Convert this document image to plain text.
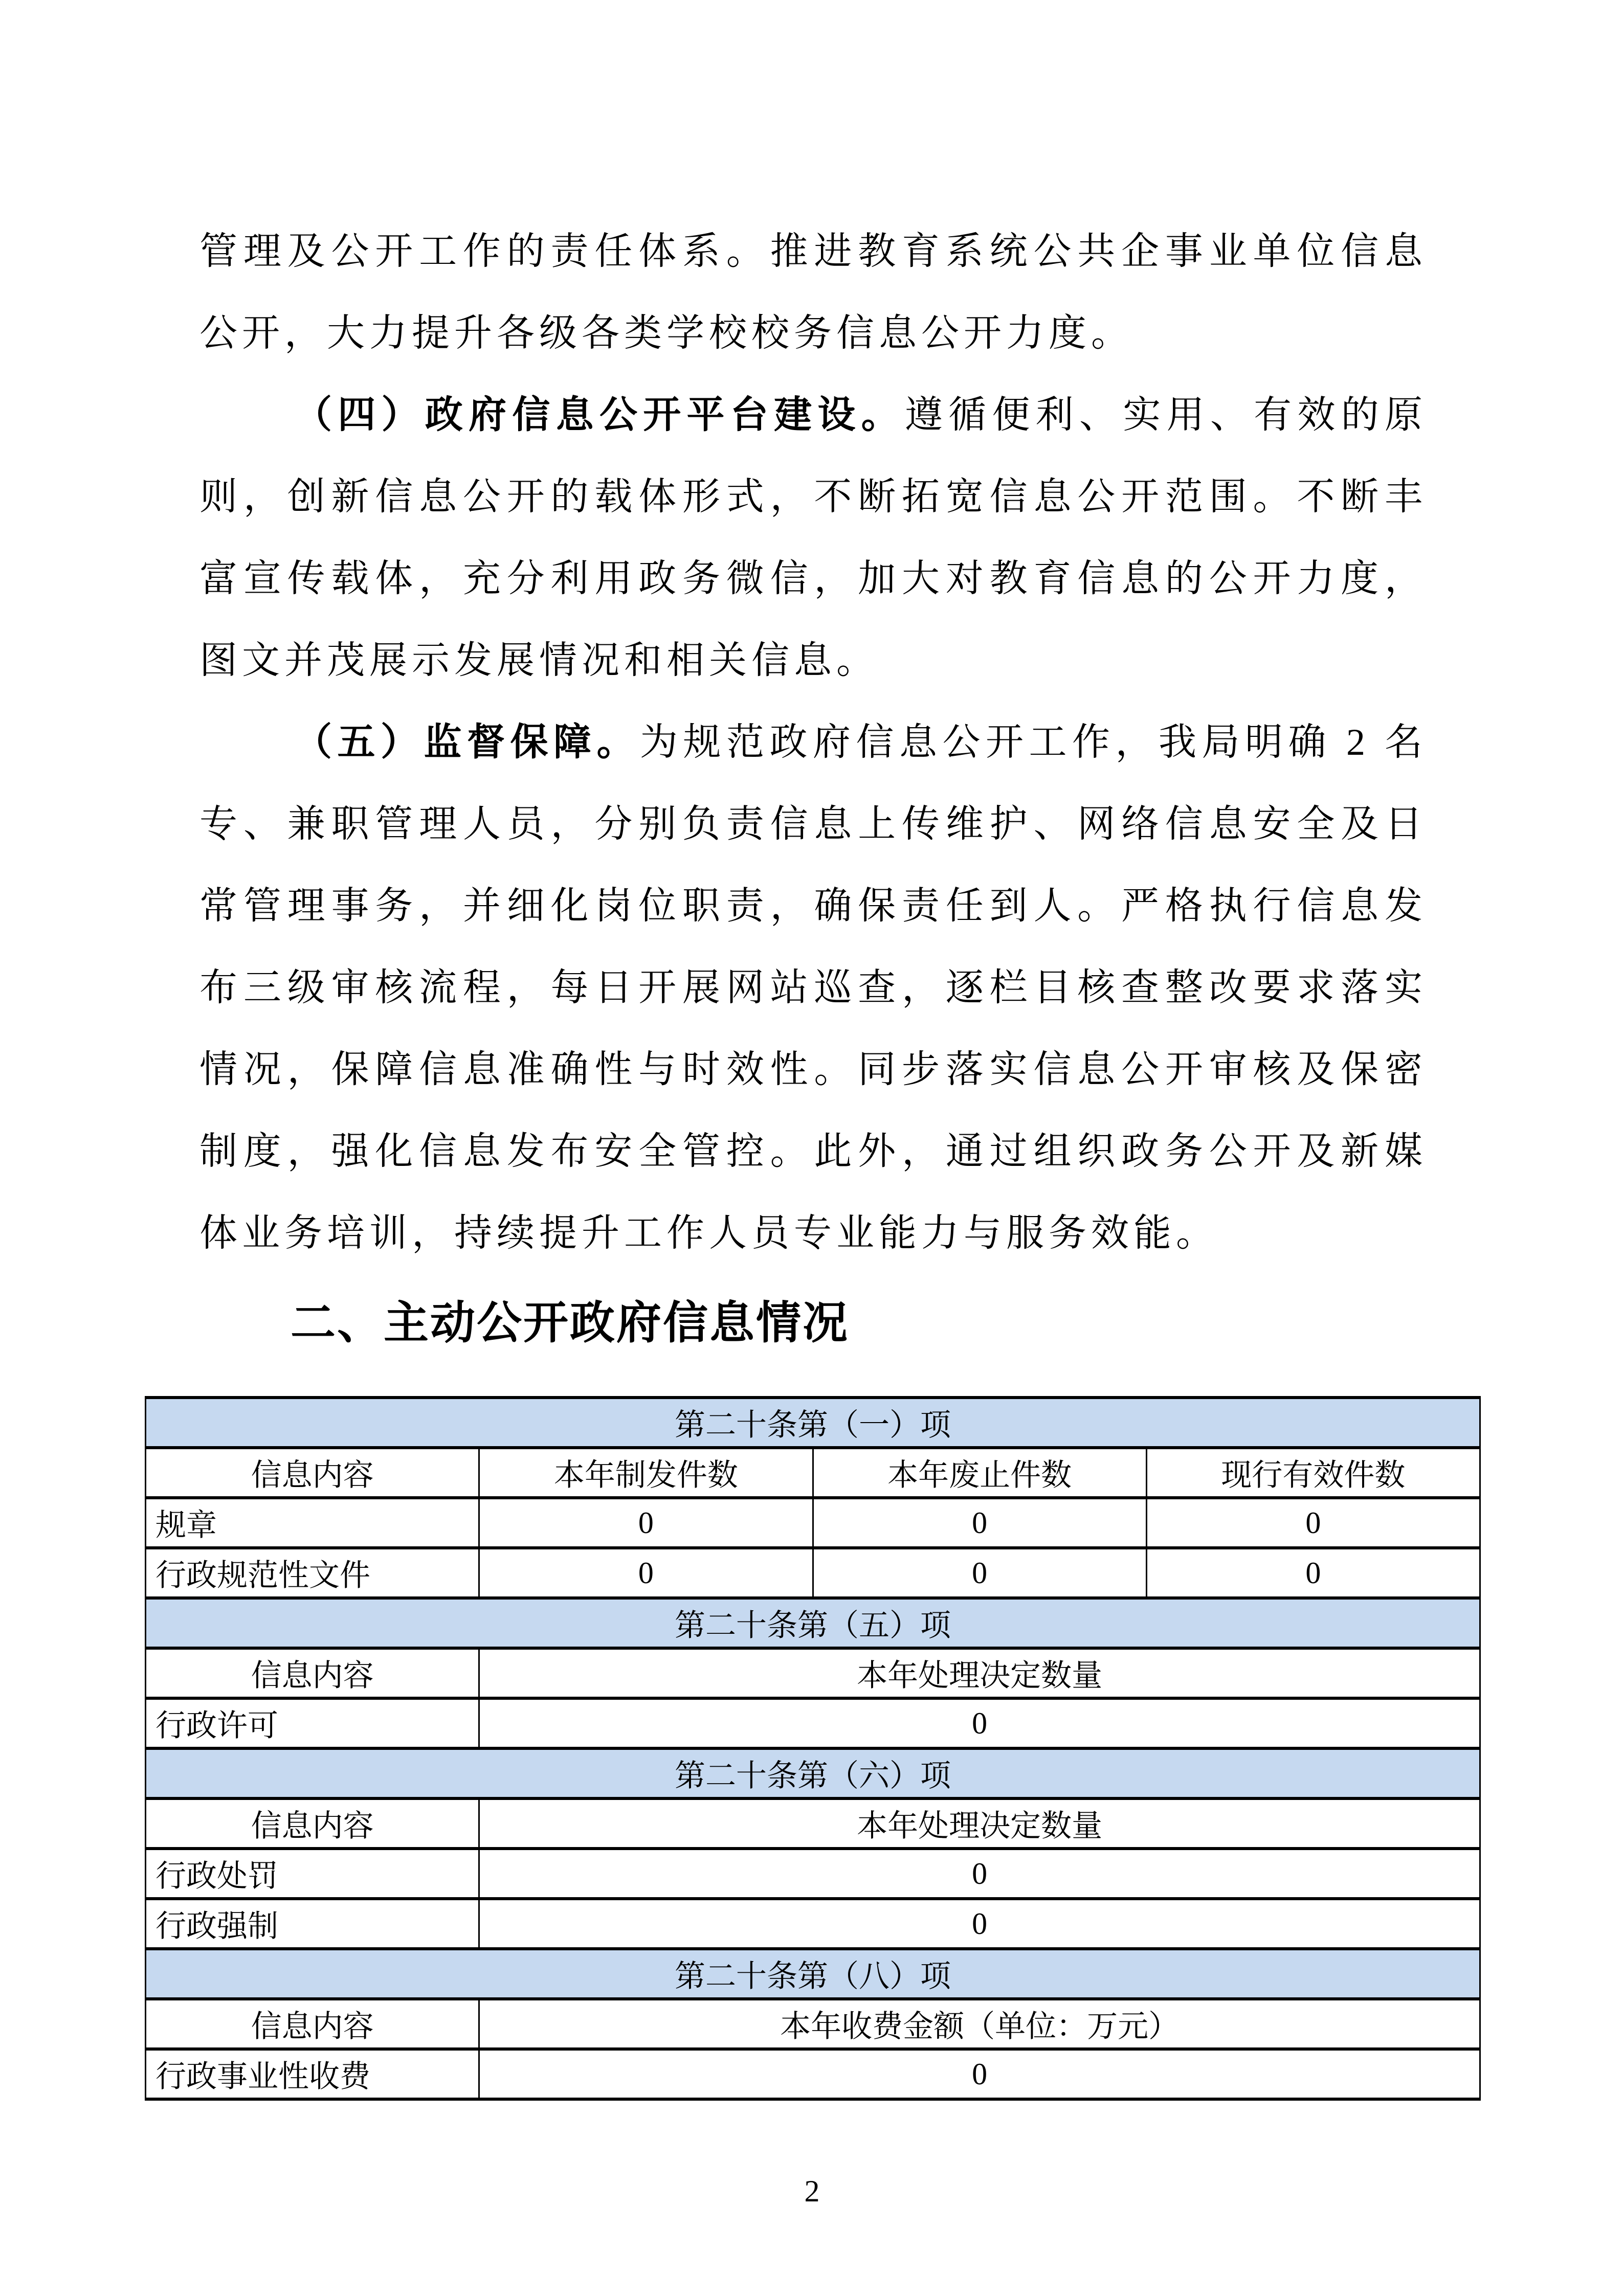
管理及公开工作的责任体系。推进教育系统公共企事业单位信息
公开，大力提升各级各类学校校务信息公开力度。
（四）政府信息公开平台建设。遵循便利、实用、有效的原
则，创新信息公开的载体形式，不断拓宽信息公开范围。不断丰
富宣传载体，充分利用政务微信，加大对教育信息的公开力度，
图文并茂展示发展情况和相关信息。
（五）监督保障。为规范政府信息公开工作，我局明确 2 名
专、兼职管理人员，分别负责信息上传维护、网络信息安全及日
常管理事务，并细化岗位职责，确保责任到人。严格执行信息发
布三级审核流程，每日开展网站巡查，逐栏目核查整改要求落实
情况，保障信息准确性与时效性。同步落实信息公开审核及保密
制度，强化信息发布安全管控。此外，通过组织政务公开及新媒
体业务培训，持续提升工作人员专业能力与服务效能。
二、主动公开政府信息情况
第二十条第（一）项			
信息内容	本年制发件数	本年废止件数	现行有效件数
规章	0	0	0
行政规范性文件	0	0	0
第二十条第（五）项			
信息内容	本年处理决定数量		
行政许可	0		
第二十条第（六）项			
信息内容	本年处理决定数量		
行政处罚	0		
行政强制	0		
第二十条第（八）项			
信息内容	本年收费金额（单位：万元）		
行政事业性收费	0		
2
